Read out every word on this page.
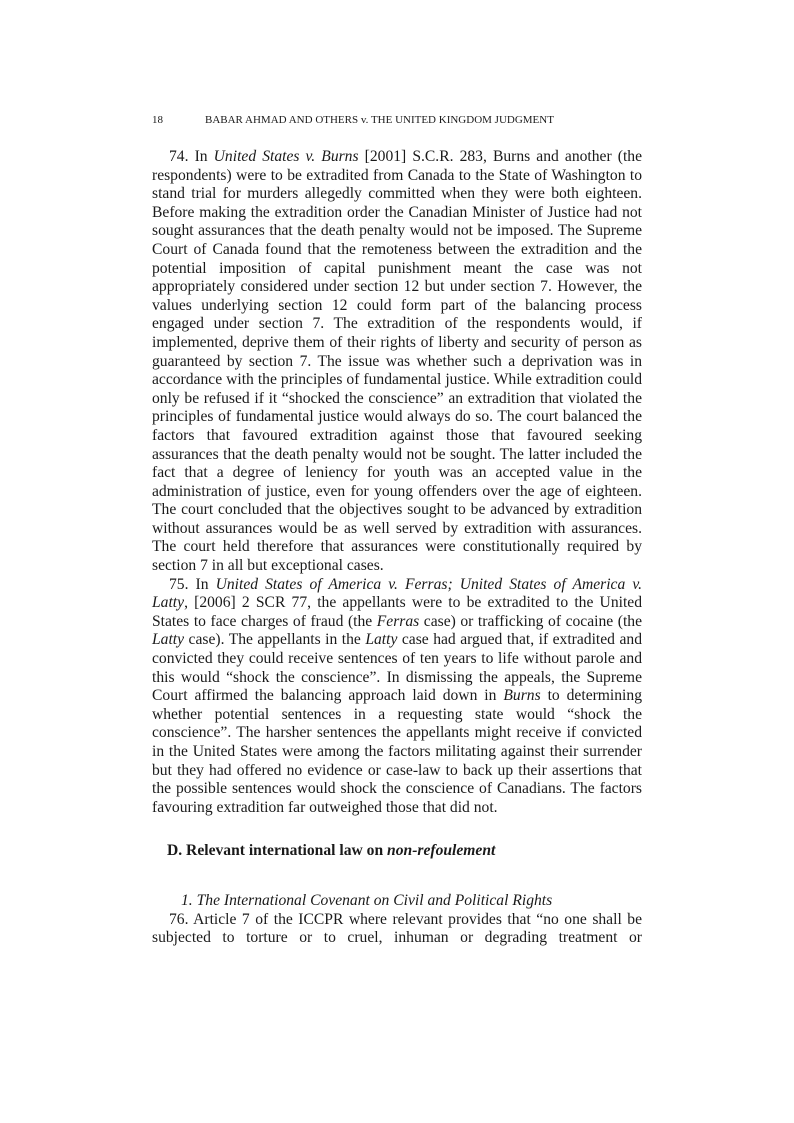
18	BABAR AHMAD AND OTHERS v. THE UNITED KINGDOM JUDGMENT

74. In United States v. Burns [2001] S.C.R. 283, Burns and another (the respondents) were to be extradited from Canada to the State of Washington to stand trial for murders allegedly committed when they were both eighteen. Before making the extradition order the Canadian Minister of Justice had not sought assurances that the death penalty would not be imposed. The Supreme Court of Canada found that the remoteness between the extradition and the potential imposition of capital punishment meant the case was not appropriately considered under section 12 but under section 7. However, the values underlying section 12 could form part of the balancing process engaged under section 7. The extradition of the respondents would, if implemented, deprive them of their rights of liberty and security of person as guaranteed by section 7. The issue was whether such a deprivation was in accordance with the principles of fundamental justice. While extradition could only be refused if it “shocked the conscience” an extradition that violated the principles of fundamental justice would always do so. The court balanced the factors that favoured extradition against those that favoured seeking assurances that the death penalty would not be sought. The latter included the fact that a degree of leniency for youth was an accepted value in the administration of justice, even for young offenders over the age of eighteen. The court concluded that the objectives sought to be advanced by extradition without assurances would be as well served by extradition with assurances. The court held therefore that assurances were constitutionally required by section 7 in all but exceptional cases.

75. In United States of America v. Ferras; United States of America v. Latty, [2006] 2 SCR 77, the appellants were to be extradited to the United States to face charges of fraud (the Ferras case) or trafficking of cocaine (the Latty case). The appellants in the Latty case had argued that, if extradited and convicted they could receive sentences of ten years to life without parole and this would “shock the conscience”. In dismissing the appeals, the Supreme Court affirmed the balancing approach laid down in Burns to determining whether potential sentences in a requesting state would “shock the conscience”. The harsher sentences the appellants might receive if convicted in the United States were among the factors militating against their surrender but they had offered no evidence or case-law to back up their assertions that the possible sentences would shock the conscience of Canadians. The factors favouring extradition far outweighed those that did not.

D. Relevant international law on non-refoulement
1. The International Covenant on Civil and Political Rights

76. Article 7 of the ICCPR where relevant provides that “no one shall be subjected to torture or to cruel, inhuman or degrading treatment or
